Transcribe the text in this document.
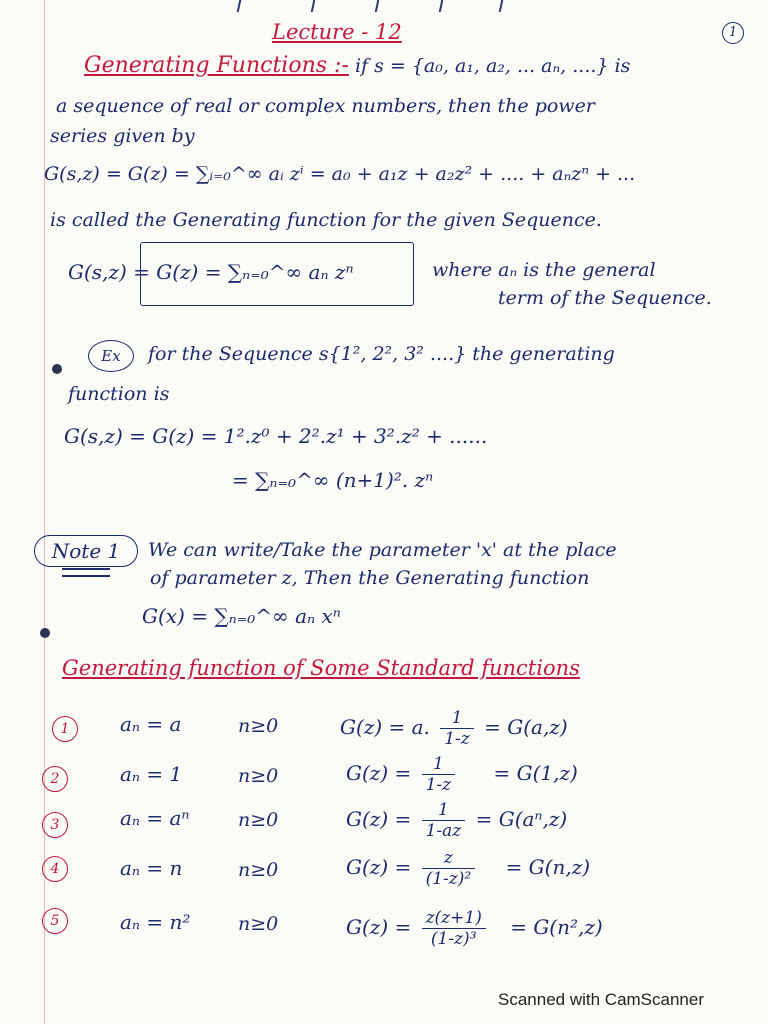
Lecture - 12	1
Generating Functions :- if s = {a₀, a₁, a₂, ... aₙ, ....} is
a sequence of real or complex numbers, then the power
series given by
G(s,z) = G(z) = ∑ᵢ₌₀^∞ aᵢ zⁱ = a₀ + a₁z + a₂z² + .... + aₙzⁿ + ...
is called the Generating function for the given Sequence.
G(s,z) = G(z) = ∑ₙ₌₀^∞ aₙ zⁿ	where aₙ is the general
term of the Sequence.
Ex	for the Sequence s{1², 2², 3² ....} the generating
function is
G(s,z) = G(z) = 1².z⁰ + 2².z¹ + 3².z² + ......
= ∑ₙ₌₀^∞ (n+1)². zⁿ
Note 1	We can write/Take the parameter 'x' at the place
of parameter z, Then the Generating function
G(x) = ∑ₙ₌₀^∞ aₙ xⁿ
Generating function of Some Standard functions
1	aₙ = a	n≥0	G(z) = a. $\frac{1}{1-z} = G(a,z)$
2	aₙ = 1	n≥0	$G(z) = \frac{1}{1-z} = G(1,z)$
3	aₙ = aⁿ	n≥0	$G(z) = \frac{1}{1-az} = G(a^n,z)$
4	aₙ = n	n≥0	$G(z) = \frac{z}{\text{(1-z)²}} = G(n,z)$
5	aₙ = n²	n≥0	$G(z) = \frac{z(z+1)}{\text{(1-z)³}} = G(n^2,z)$
Scanned with CamScanner
